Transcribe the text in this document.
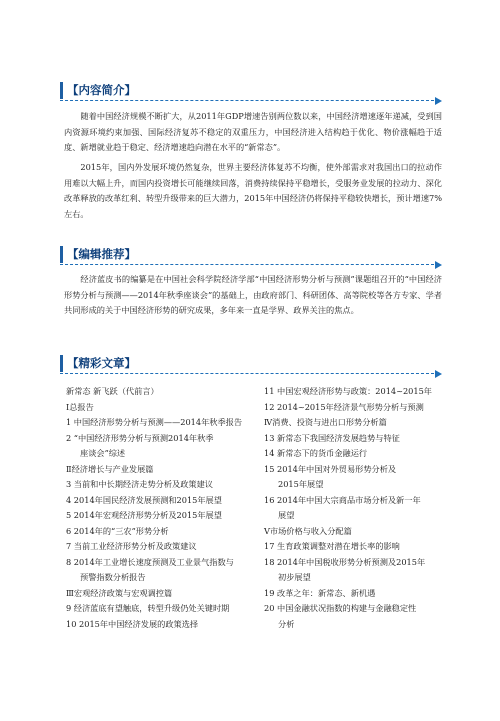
【内容简介】

随着中国经济规模不断扩大，从2011年GDP增速告别两位数以来，中国经济增速逐年递减，受到国内资源环境约束加强、国际经济复苏不稳定的双重压力，中国经济进入结构趋于优化、物价涨幅趋于适度、新增就业趋于稳定、经济增速趋向潜在水平的“新常态”。

2015年，国内外发展环境仍然复杂，世界主要经济体复苏不均衡，使外部需求对我国出口的拉动作用难以大幅上升，而国内投资增长可能继续回落，消费持续保持平稳增长，受服务业发展的拉动力、深化改革释放的改革红利、转型升级带来的巨大潜力，2015年中国经济仍将保持平稳较快增长，预计增速7%左右。

【编辑推荐】

经济蓝皮书的编纂是在中国社会科学院经济学部“中国经济形势分析与预测”课题组召开的“中国经济形势分析与预测——2014年秋季座谈会”的基础上，由政府部门、科研团体、高等院校等各方专家、学者共同形成的关于中国经济形势的研究成果，多年来一直是学界、政界关注的焦点。

【精彩文章】
新常态 新飞跃（代前言）
Ⅰ总报告
1 中国经济形势分析与预测——2014年秋季报告
2 “中国经济形势分析与预测2014年秋季
座谈会”综述
Ⅱ经济增长与产业发展篇
3 当前和中长期经济走势分析及政策建议
4 2014年国民经济发展预测和2015年展望
5 2014年宏观经济形势分析及2015年展望
6 2014年的“三农”形势分析
7 当前工业经济形势分析及政策建议
8 2014年工业增长速度预测及工业景气指数与
预警指数分析报告
Ⅲ宏观经济政策与宏观调控篇
9 经济蓝底有望触底，转型升级仍处关键时期
10 2015年中国经济发展的政策选择
11 中国宏观经济形势与政策：2014~2015年
12 2014~2015年经济景气形势分析与预测
Ⅳ消费、投资与进出口形势分析篇
13 新常态下我国经济发展趋势与特征
14 新常态下的货币金融运行
15 2014年中国对外贸易形势分析及
2015年展望
16 2014年中国大宗商品市场分析及新一年
展望
Ⅴ市场价格与收入分配篇
17 生育政策调整对潜在增长率的影响
18 2014年中国税收形势分析预测及2015年
初步展望
19 改革之年：新常态、新机遇
20 中国金融状况指数的构建与金融稳定性
分析
